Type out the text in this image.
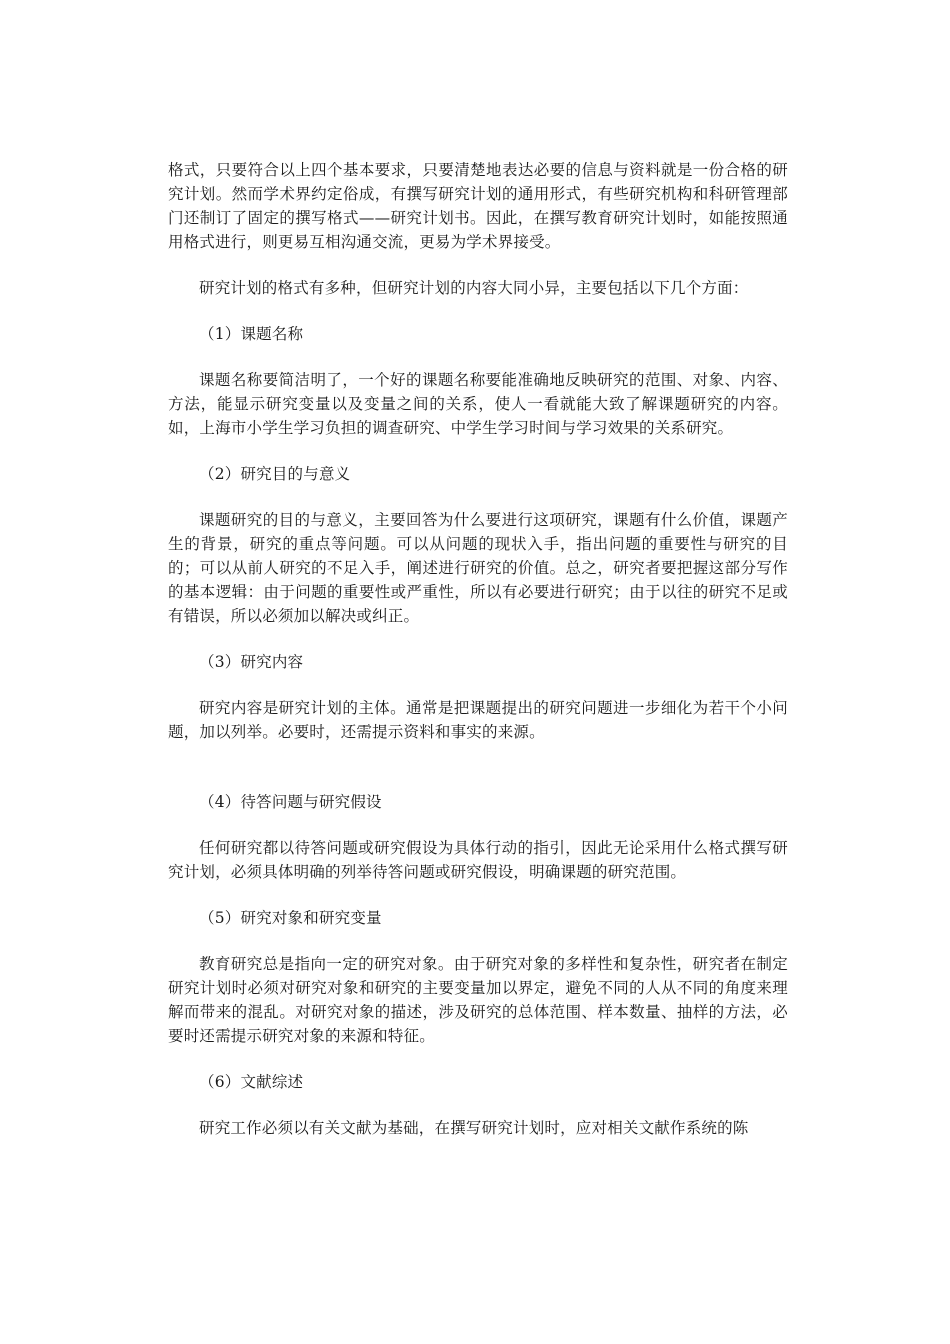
格式，只要符合以上四个基本要求，只要清楚地表达必要的信息与资料就是一份合格的研究计划。然而学术界约定俗成，有撰写研究计划的通用形式，有些研究机构和科研管理部门还制订了固定的撰写格式——研究计划书。因此，在撰写教育研究计划时，如能按照通用格式进行，则更易互相沟通交流，更易为学术界接受。

研究计划的格式有多种，但研究计划的内容大同小异，主要包括以下几个方面：

（1）课题名称

课题名称要简洁明了，一个好的课题名称要能准确地反映研究的范围、对象、内容、方法，能显示研究变量以及变量之间的关系，使人一看就能大致了解课题研究的内容。如，上海市小学生学习负担的调查研究、中学生学习时间与学习效果的关系研究。

（2）研究目的与意义

课题研究的目的与意义，主要回答为什么要进行这项研究，课题有什么价值，课题产生的背景，研究的重点等问题。可以从问题的现状入手，指出问题的重要性与研究的目的；可以从前人研究的不足入手，阐述进行研究的价值。总之，研究者要把握这部分写作的基本逻辑：由于问题的重要性或严重性，所以有必要进行研究；由于以往的研究不足或有错误，所以必须加以解决或纠正。

（3）研究内容

研究内容是研究计划的主体。通常是把课题提出的研究问题进一步细化为若干个小问题，加以列举。必要时，还需提示资料和事实的来源。

（4）待答问题与研究假设

任何研究都以待答问题或研究假设为具体行动的指引，因此无论采用什么格式撰写研究计划，必须具体明确的列举待答问题或研究假设，明确课题的研究范围。

（5）研究对象和研究变量

教育研究总是指向一定的研究对象。由于研究对象的多样性和复杂性，研究者在制定研究计划时必须对研究对象和研究的主要变量加以界定，避免不同的人从不同的角度来理解而带来的混乱。对研究对象的描述，涉及研究的总体范围、样本数量、抽样的方法，必要时还需提示研究对象的来源和特征。

（6）文献综述

研究工作必须以有关文献为基础，在撰写研究计划时，应对相关文献作系统的陈
